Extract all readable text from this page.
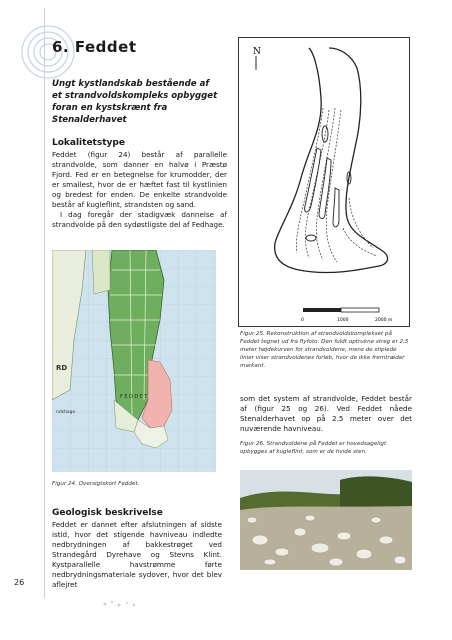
6. Feddet

Ungt kystlandskab bestående af et strandvoldskompleks opbygget foran en kystskrænt fra Stenalderhavet

Lokalitetstype

Feddet (figur 24) består af parallelle strandvolde, som danner en halvø i Præstø Fjord. Fed er en betegnelse for krumodder, der er smallest, hvor de er hæftet fast til kystlinien og bredest for enden. De enkelte strandvolde består af kugleflint, strandsten og sand.

I dag foregår der stadigvæk dannelse af strandvolde på den sydøstligste del af Fedhage.

N
0	1000	2000 m

Figur 25. Rekonstruktion af strandvoldskomplekset på Feddet tegnet ud fra flyfoto. Den fuldt optrukne streg er 2,5 meter højdekurven for strandvoldene, mens de stiplede linier viser strandvoldenes forløb, hvor de ikke fremtræder markant.

RD
ndshage
FEDDET

Figur 24. Oversigtskort Feddet.

som det system af strandvolde, Feddet består af (figur 25 og 26). Ved Feddet nåede Stenalderhavet op på 2.5 meter over det nuværende havniveau.

Figur 26. Strandvoldene på Feddet er hovedsageligt opbygges af kugleflint, som er de hvide sten.

Geologisk beskrivelse

Feddet er dannet efter afslutningen af sidste istid, hvor det stigende havniveau indledte nedbrydningen af bakkestrøget ved Strandegård Dyrehave og Stevns Klint. Kystparallelle havstrømme førte nedbrydningsmateriale sydover, hvor det blev aflejret

26
